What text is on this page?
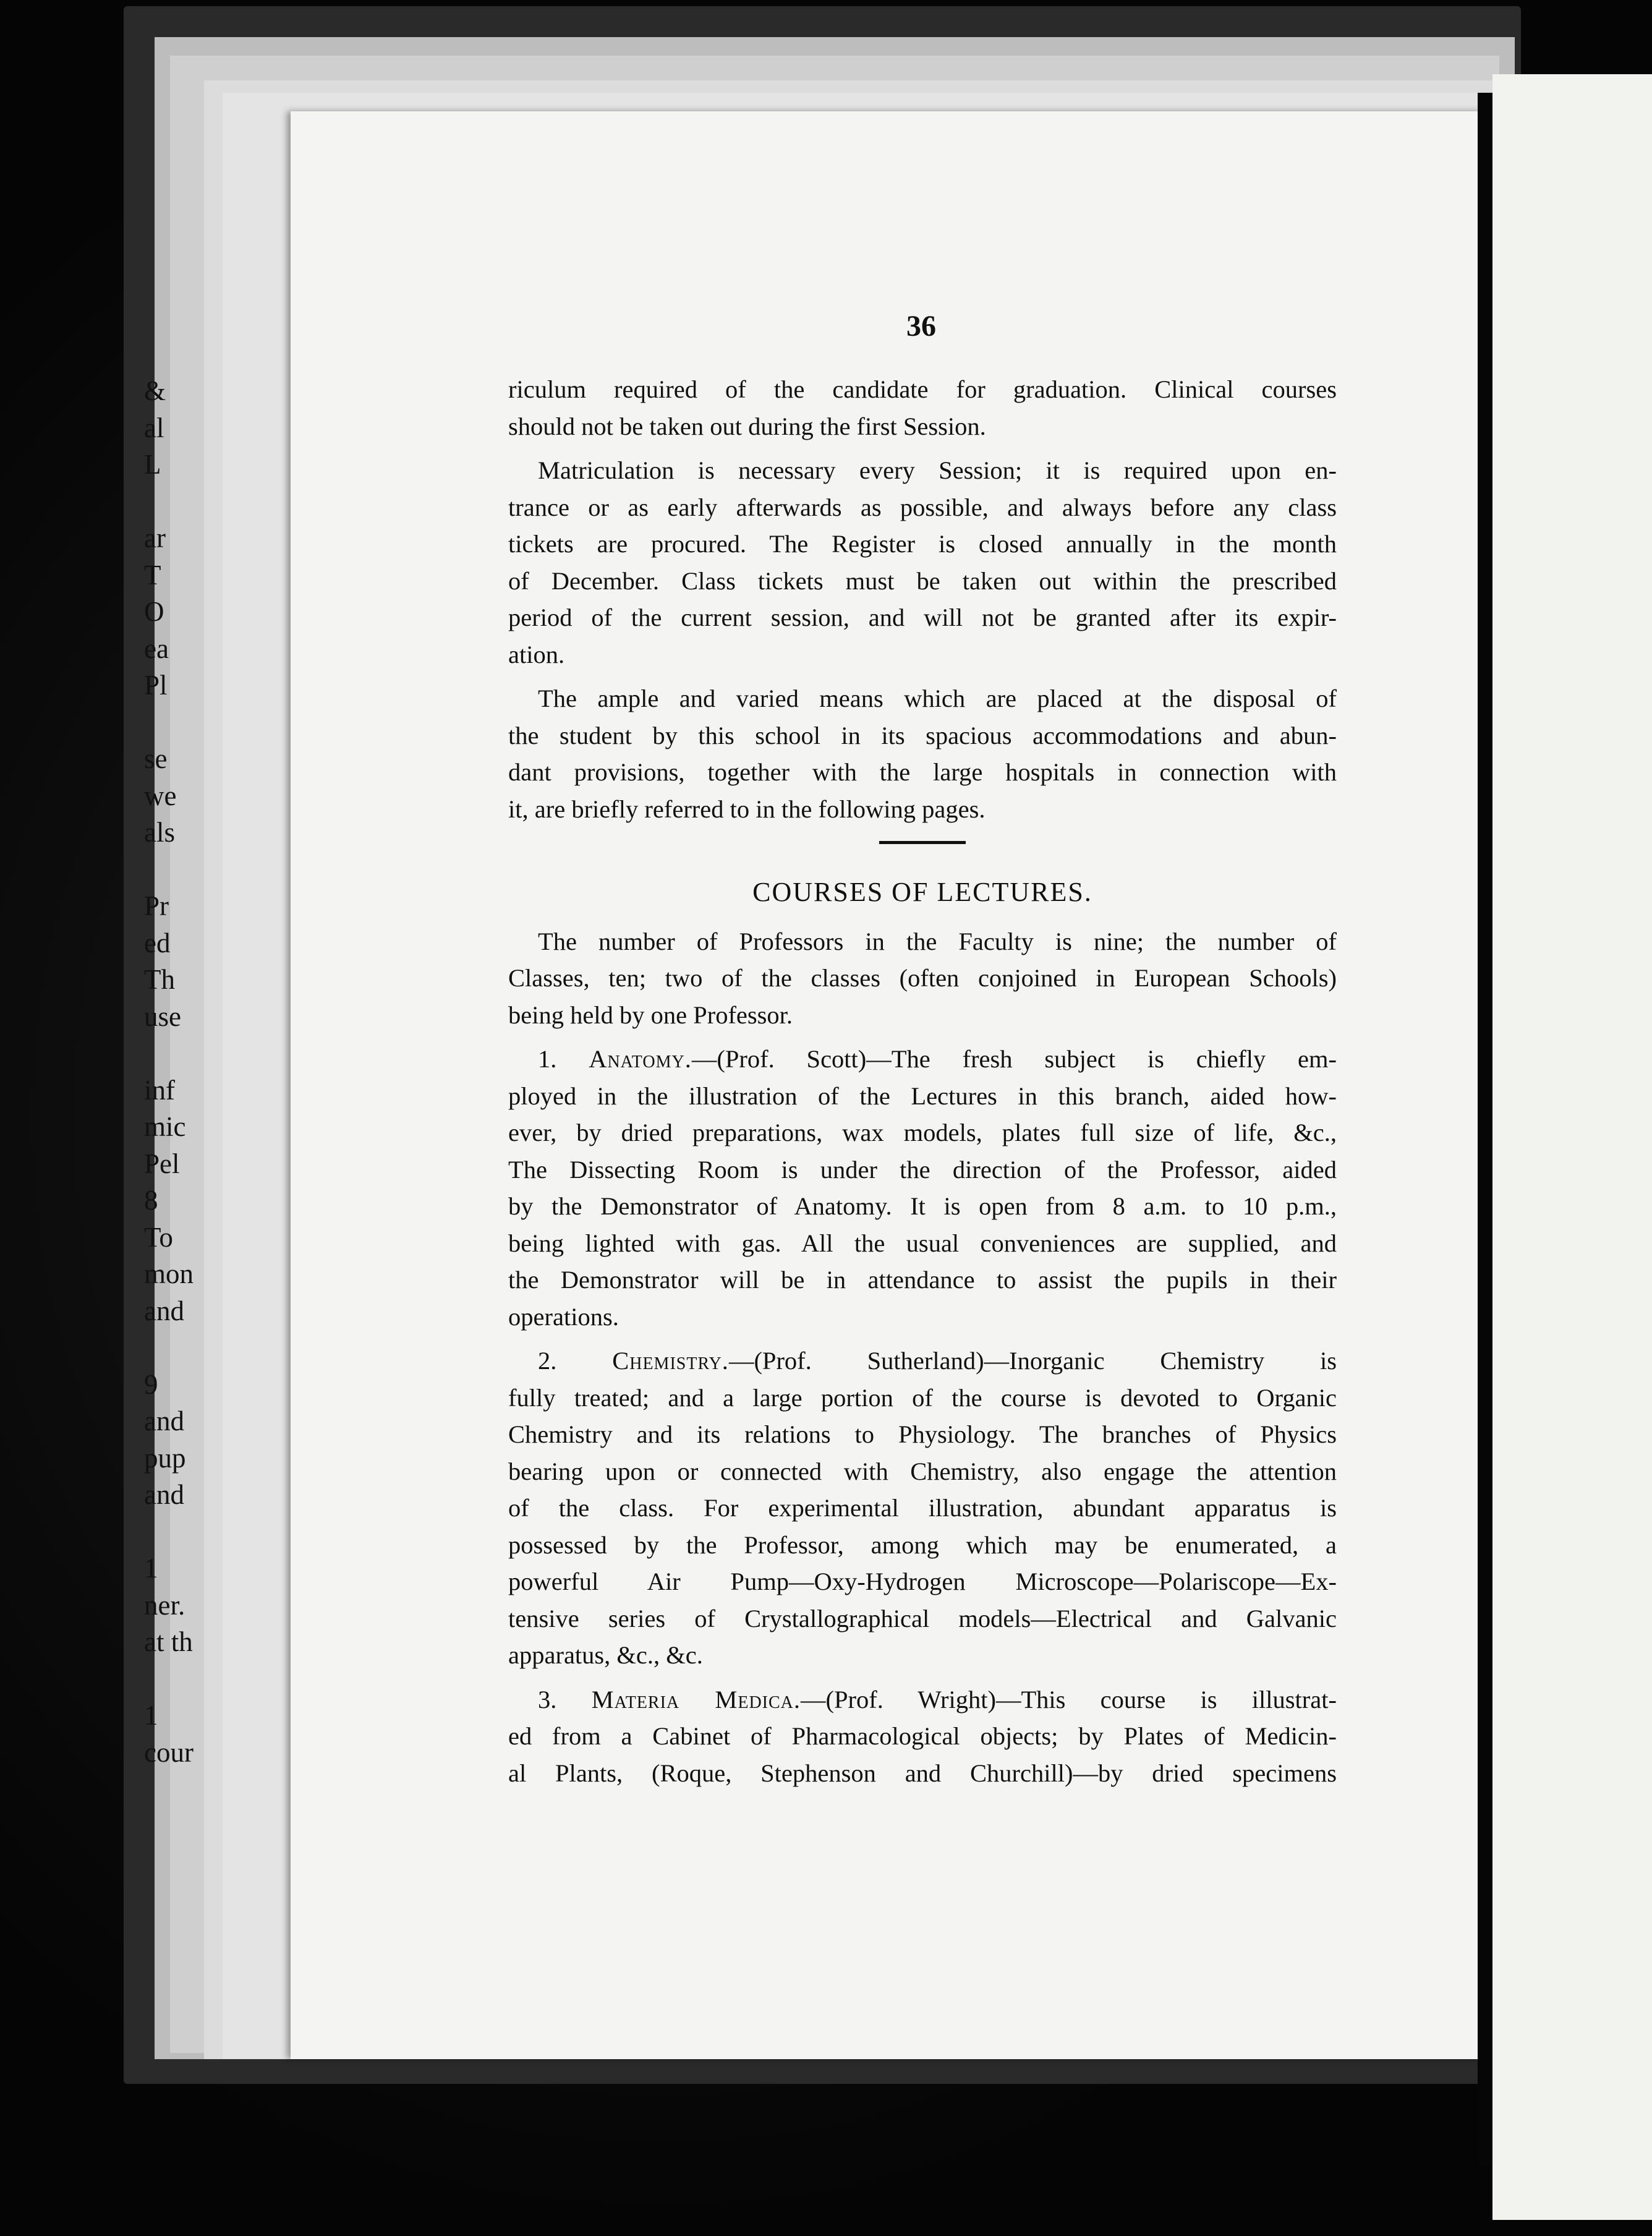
36
riculum required of the candidate for graduation. Clinical courses
should not be taken out during the first Session.
Matriculation is necessary every Session; it is required upon en-
trance or as early afterwards as possible, and always before any class
tickets are procured. The Register is closed annually in the month
of December. Class tickets must be taken out within the prescribed
period of the current session, and will not be granted after its expir-
ation.
The ample and varied means which are placed at the disposal of
the student by this school in its spacious accommodations and abun-
dant provisions, together with the large hospitals in connection with
it, are briefly referred to in the following pages.
COURSES OF LECTURES.
The number of Professors in the Faculty is nine; the number of
Classes, ten; two of the classes (often conjoined in European Schools)
being held by one Professor.
1. Anatomy.—(Prof. Scott)—The fresh subject is chiefly em-
ployed in the illustration of the Lectures in this branch, aided how-
ever, by dried preparations, wax models, plates full size of life, &c.,
The Dissecting Room is under the direction of the Professor, aided
by the Demonstrator of Anatomy. It is open from 8 a.m. to 10 p.m.,
being lighted with gas. All the usual conveniences are supplied, and
the Demonstrator will be in attendance to assist the pupils in their
operations.
2. Chemistry.—(Prof. Sutherland)—Inorganic Chemistry is
fully treated; and a large portion of the course is devoted to Organic
Chemistry and its relations to Physiology. The branches of Physics
bearing upon or connected with Chemistry, also engage the attention
of the class. For experimental illustration, abundant apparatus is
possessed by the Professor, among which may be enumerated, a
powerful Air Pump—Oxy-Hydrogen Microscope—Polariscope—Ex-
tensive series of Crystallographical models—Electrical and Galvanic
apparatus, &c., &c.
3. Materia Medica.—(Prof. Wright)—This course is illustrat-
ed from a Cabinet of Pharmacological objects; by Plates of Medicin-
al Plants, (Roque, Stephenson and Churchill)—by dried specimens
&
al
L
ar
T
O
ea
Pl
se
we
als
Pr
ed
Th
use
inf
mic
Pel
8
To
mon
and
9
and
pup
and
1
ner.
at th
1
cour
